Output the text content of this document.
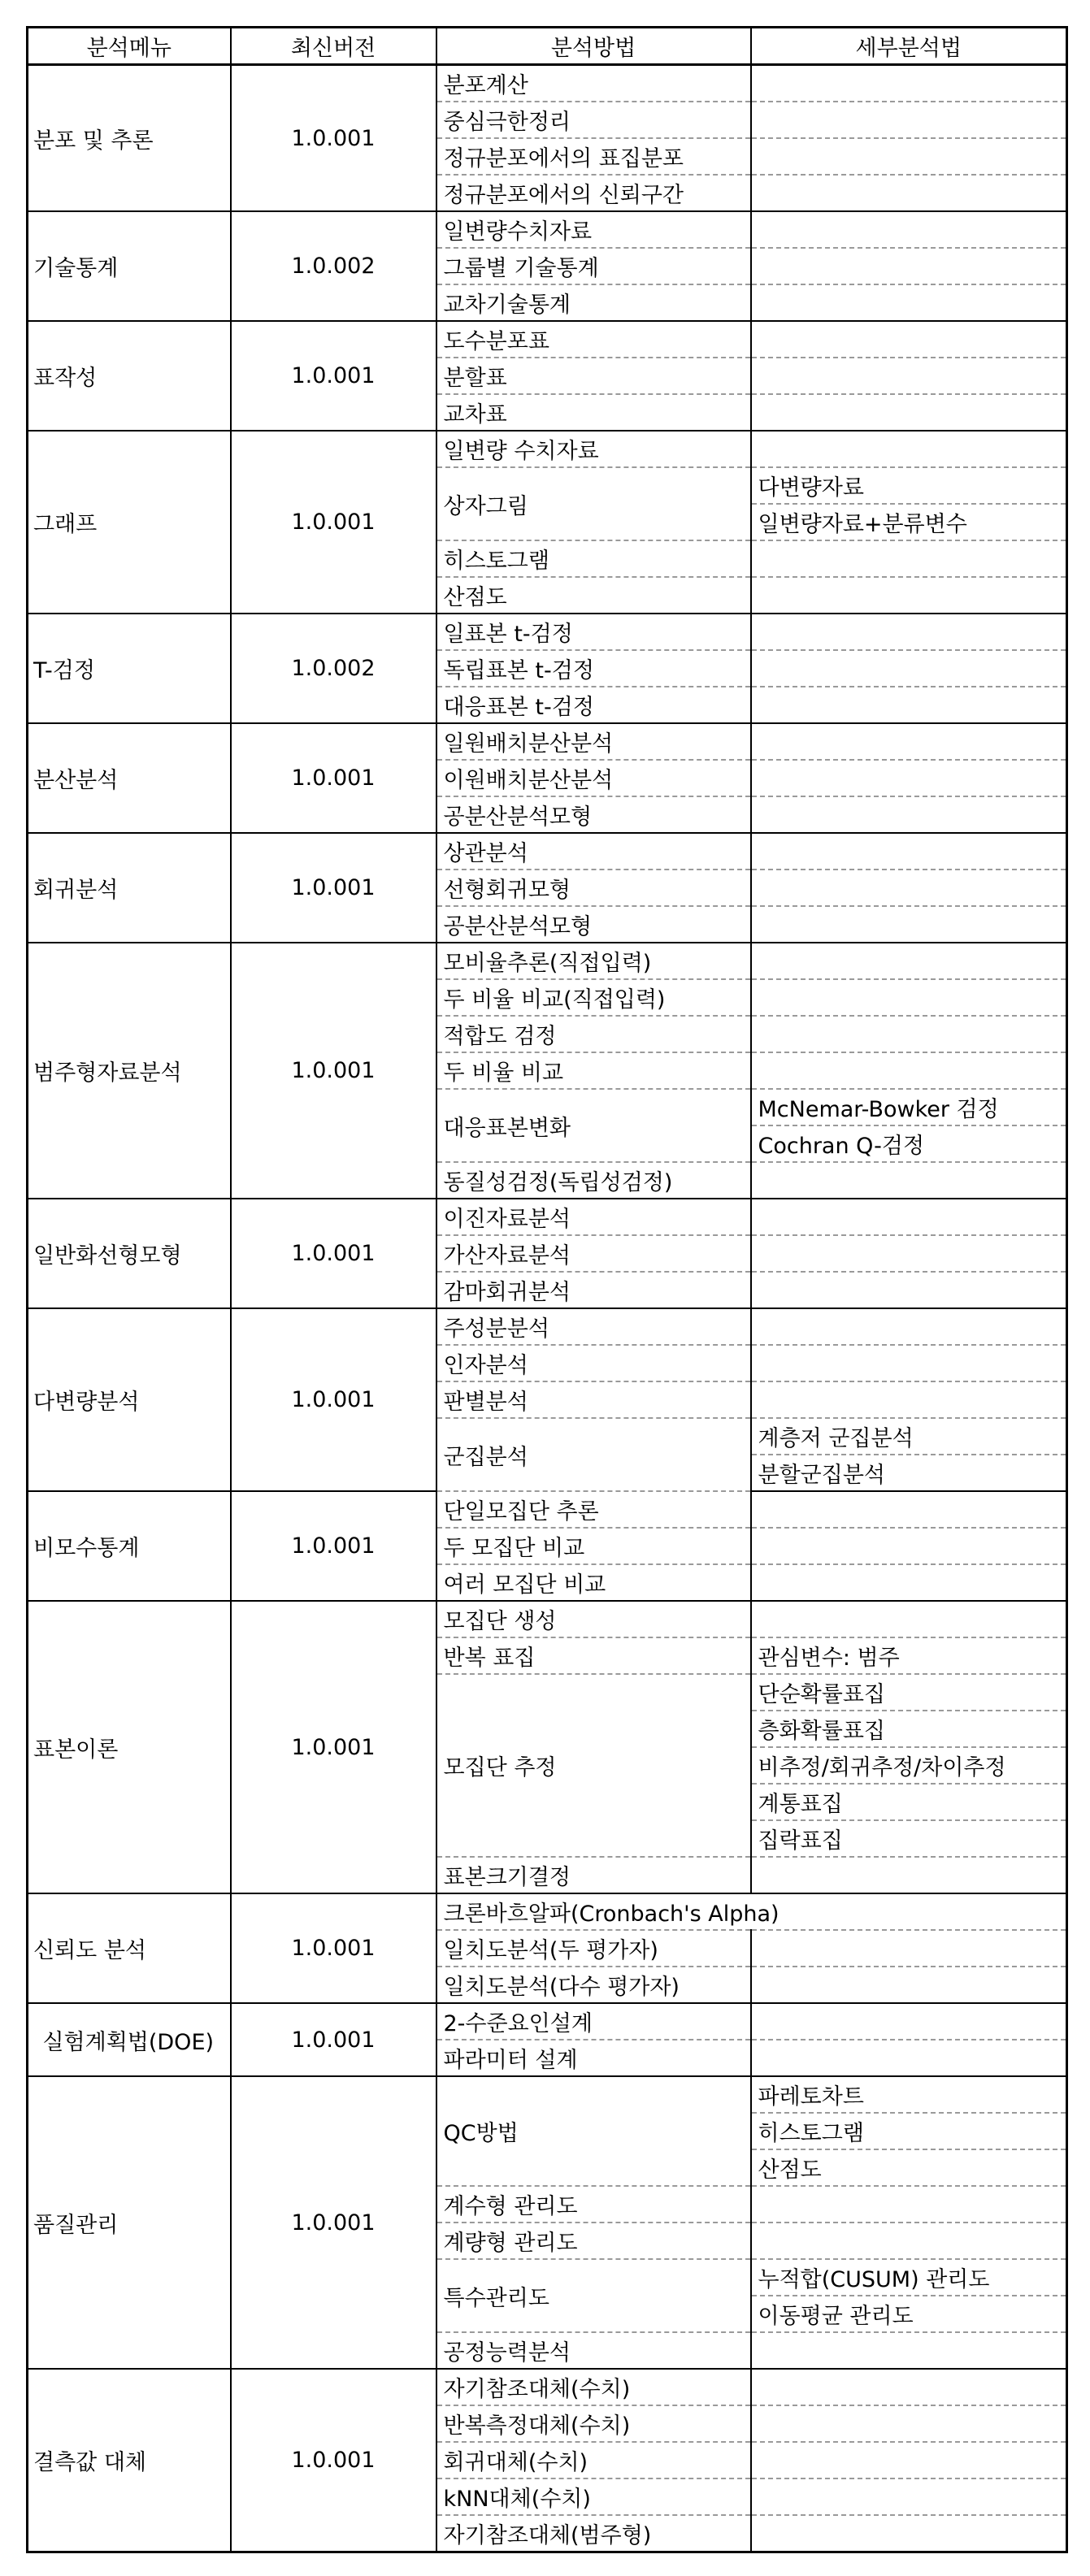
분석메뉴	최신버전	분석방법	세부분석법
분포 및 추론	1.0.001	분포계산	
		중심극한정리	
		정규분포에서의 표집분포	
		정규분포에서의 신뢰구간	
기술통계	1.0.002	일변량수치자료	
		그룹별 기술통계	
		교차기술통계	
표작성	1.0.001	도수분포표	
		분할표	
		교차표	
그래프	1.0.001	일변량 수치자료	
		상자그림	다변량자료
			일변량자료+분류변수
		히스토그램	
		산점도	
T-검정	1.0.002	일표본 t-검정	
		독립표본 t-검정	
		대응표본 t-검정	
분산분석	1.0.001	일원배치분산분석	
		이원배치분산분석	
		공분산분석모형	
회귀분석	1.0.001	상관분석	
		선형회귀모형	
		공분산분석모형	
범주형자료분석	1.0.001	모비율추론(직접입력)	
		두 비율 비교(직접입력)	
		적합도 검정	
		두 비율 비교	
		대응표본변화	McNemar-Bowker 검정
			Cochran Q-검정
		동질성검정(독립성검정)	
일반화선형모형	1.0.001	이진자료분석	
		가산자료분석	
		감마회귀분석	
다변량분석	1.0.001	주성분분석	
		인자분석	
		판별분석	
		군집분석	계층저 군집분석
			분할군집분석
비모수통계	1.0.001	단일모집단 추론	
		두 모집단 비교	
		여러 모집단 비교	
표본이론	1.0.001	모집단 생성	
		반복 표집	관심변수: 범주
		모집단 추정	단순확률표집
			층화확률표집
			비추정/회귀추정/차이추정
			계통표집
			집락표집
		표본크기결정	
신뢰도 분석	1.0.001	크론바흐알파(Cronbach's Alpha)	
		일치도분석(두 평가자)	
		일치도분석(다수 평가자)	
실험계획법(DOE)	1.0.001	2-수준요인설계	
		파라미터 설계	
품질관리	1.0.001	QC방법	파레토차트
			히스토그램
			산점도
		계수형 관리도	
		계량형 관리도	
		특수관리도	누적합(CUSUM) 관리도
			이동평균 관리도
		공정능력분석	
결측값 대체	1.0.001	자기참조대체(수치)	
		반복측정대체(수치)	
		회귀대체(수치)	
		kNN대체(수치)	
		자기참조대체(범주형)	
